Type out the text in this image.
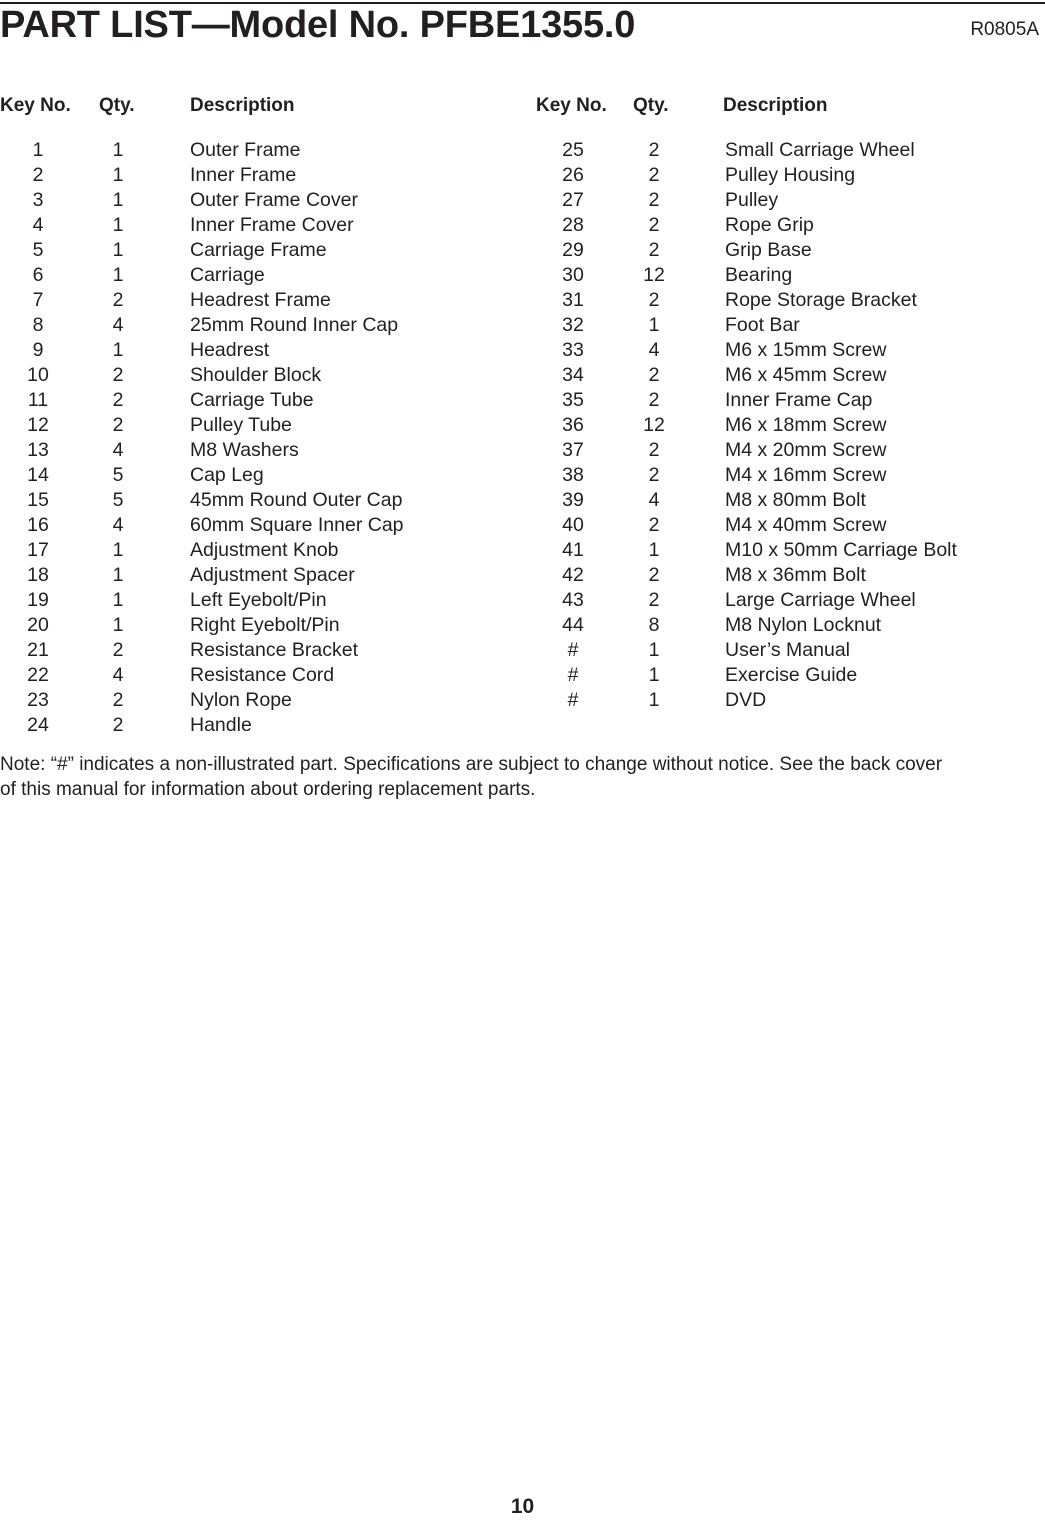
PART LIST—Model No. PFBE1355.0	R0805A
Key No. Qty.	Description
1	1	Outer Frame
2	1	Inner Frame
3	1	Outer Frame Cover
4	1	Inner Frame Cover
5	1	Carriage Frame
6	1	Carriage
7	2	Headrest Frame
8	4	25mm Round Inner Cap
9	1	Headrest
10	2	Shoulder Block
11	2	Carriage Tube
12	2	Pulley Tube
13	4	M8 Washers
14	5	Cap Leg
15	5	45mm Round Outer Cap
16	4	60mm Square Inner Cap
17	1	Adjustment Knob
18	1	Adjustment Spacer
19	1	Left Eyebolt/Pin
20	1	Right Eyebolt/Pin
21	2	Resistance Bracket
22	4	Resistance Cord
23	2	Nylon Rope
24	2	Handle
Key No. Qty.	Description
25	2	Small Carriage Wheel
26	2	Pulley Housing
27	2	Pulley
28	2	Rope Grip
29	2	Grip Base
30	12	Bearing
31	2	Rope Storage Bracket
32	1	Foot Bar
33	4	M6 x 15mm Screw
34	2	M6 x 45mm Screw
35	2	Inner Frame Cap
36	12	M6 x 18mm Screw
37	2	M4 x 20mm Screw
38	2	M4 x 16mm Screw
39	4	M8 x 80mm Bolt
40	2	M4 x 40mm Screw
41	1	M10 x 50mm Carriage Bolt
42	2	M8 x 36mm Bolt
43	2	Large Carriage Wheel
44	8	M8 Nylon Locknut
#	1	User’s Manual
#	1	Exercise Guide
#	1	DVD

Note: “#” indicates a non-illustrated part. Specifications are subject to change without notice. See the back cover

of this manual for information about ordering replacement parts.

10
